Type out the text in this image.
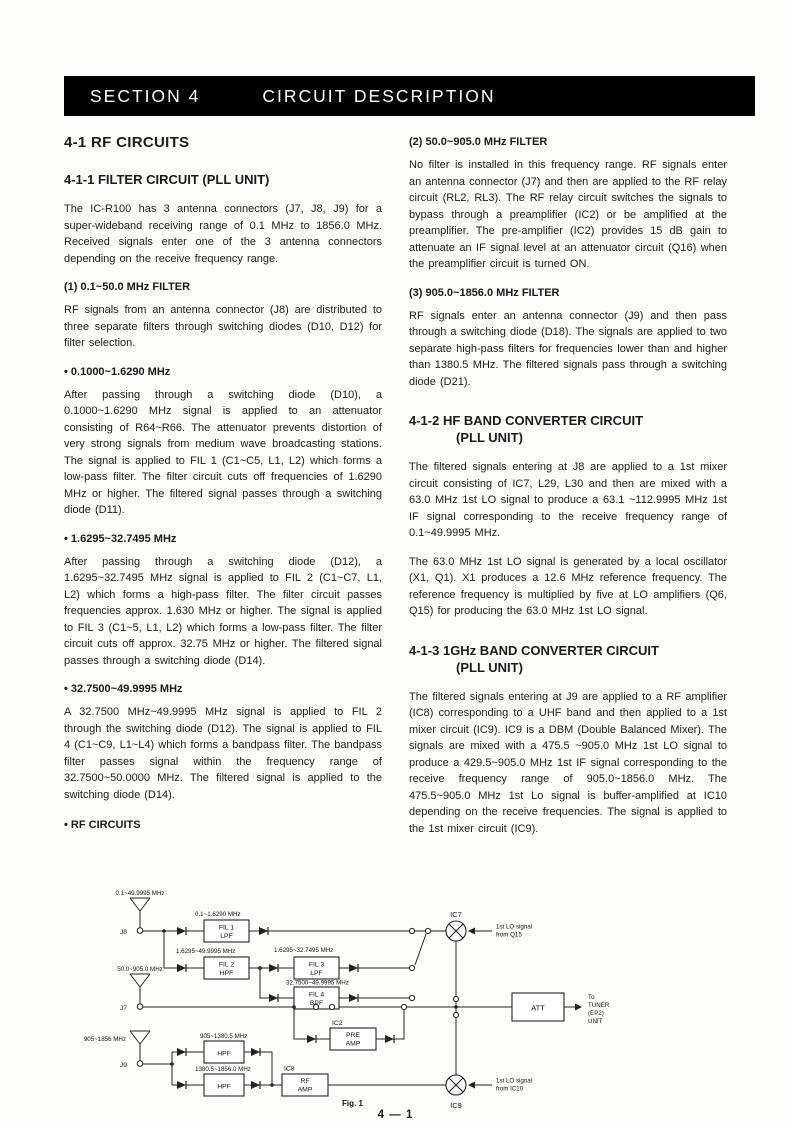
SECTION 4	CIRCUIT DESCRIPTION
4-1 RF CIRCUITS
4-1-1 FILTER CIRCUIT (PLL UNIT)

The IC-R100 has 3 antenna connectors (J7, J8, J9) for a super-wideband receiving range of 0.1 MHz to 1856.0 MHz. Received signals enter one of the 3 antenna connectors depending on the receive frequency range.

(1) 0.1~50.0 MHz FILTER

RF signals from an antenna connector (J8) are distributed to three separate filters through switching diodes (D10, D12) for filter selection.

• 0.1000~1.6290 MHz

After passing through a switching diode (D10), a 0.1000~1.6290 MHz signal is applied to an attenuator consisting of R64~R66. The attenuator prevents distortion of very strong signals from medium wave broadcasting stations. The signal is applied to FIL 1 (C1~C5, L1, L2) which forms a low-pass filter. The filter circuit cuts off frequencies of 1.6290 MHz or higher. The filtered signal passes through a switching diode (D11).

• 1.6295~32.7495 MHz

After passing through a switching diode (D12), a 1.6295~32.7495 MHz signal is applied to FIL 2 (C1~C7, L1, L2) which forms a high-pass filter. The filter circuit passes frequencies approx. 1.630 MHz or higher. The signal is applied to FIL 3 (C1~5, L1, L2) which forms a low-pass filter. The filter circuit cuts off approx. 32.75 MHz or higher. The filtered signal passes through a switching diode (D14).

• 32.7500~49.9995 MHz

A 32.7500 MHz~49.9995 MHz signal is applied to FIL 2 through the switching diode (D12). The signal is applied to FIL 4 (C1~C9, L1~L4) which forms a bandpass filter. The bandpass filter passes signal within the frequency range of 32.7500~50.0000 MHz. The filtered signal is applied to the switching diode (D14).

• RF CIRCUITS
(2) 50.0~905.0 MHz FILTER

No filter is installed in this frequency range. RF signals enter an antenna connector (J7) and then are applied to the RF relay circuit (RL2, RL3). The RF relay circuit switches the signals to bypass through a preamplifier (IC2) or be amplified at the preamplifier. The pre-amplifier (IC2) provides 15 dB gain to attenuate an IF signal level at an attenuator circuit (Q16) when the preamplifier circuit is turned ON.

(3) 905.0~1856.0 MHz FILTER

RF signals enter an antenna connector (J9) and then pass through a switching diode (D18). The signals are applied to two separate high-pass filters for frequencies lower than and higher than 1380.5 MHz. The filtered signals pass through a switching diode (D21).

4-1-2 HF BAND CONVERTER CIRCUIT
(PLL UNIT)

The filtered signals entering at J8 are applied to a 1st mixer circuit consisting of IC7, L29, L30 and then are mixed with a 63.0 MHz 1st LO signal to produce a 63.1 ~112.9995 MHz 1st IF signal corresponding to the receive frequency range of 0.1~49.9995 MHz.

The 63.0 MHz 1st LO signal is generated by a local oscillator (X1, Q1). X1 produces a 12.6 MHz reference frequency. The reference frequency is multiplied by five at LO amplifiers (Q6, Q15) for producing the 63.0 MHz 1st LO signal.

4-1-3 1GHz BAND CONVERTER CIRCUIT
(PLL UNIT)

The filtered signals entering at J9 are applied to a RF amplifier (IC8) corresponding to a UHF band and then applied to a 1st mixer circuit (IC9). IC9 is a DBM (Double Balanced Mixer). The signals are mixed with a 475.5 ~905.0 MHz 1st LO signal to produce a 429.5~905.0 MHz 1st IF signal corresponding to the receive frequency range of 905.0~1856.0 MHz. The 475.5~905.0 MHz 1st Lo signal is buffer-amplified at IC10 depending on the receive frequencies. The signal is applied to the 1st mixer circuit (IC9).

0.1~49.9995 MHz
J8
0.1~1.6290 MHz
FIL 1
LPF
1.6295~49.9995 MHz
FIL 2
HPF
1.6295~32.7495 MHz
FIL 3
LPF
32.7500~49.9995 MHz
FIL 4
BPF
IC7
1st LO signal
from Q15
50.0~905.0 MHz
J7
IC2
PRE
AMP
ATT
To
TUNER
(EP2)
UNIT
905~1856 MHz
J9
905~1380.5 MHz
HPF
1380.5~1856.0 MHz
HPF
IC8
RF
AMP
IC9
1st LO signal
from IC10
Fig. 1
4 — 1
